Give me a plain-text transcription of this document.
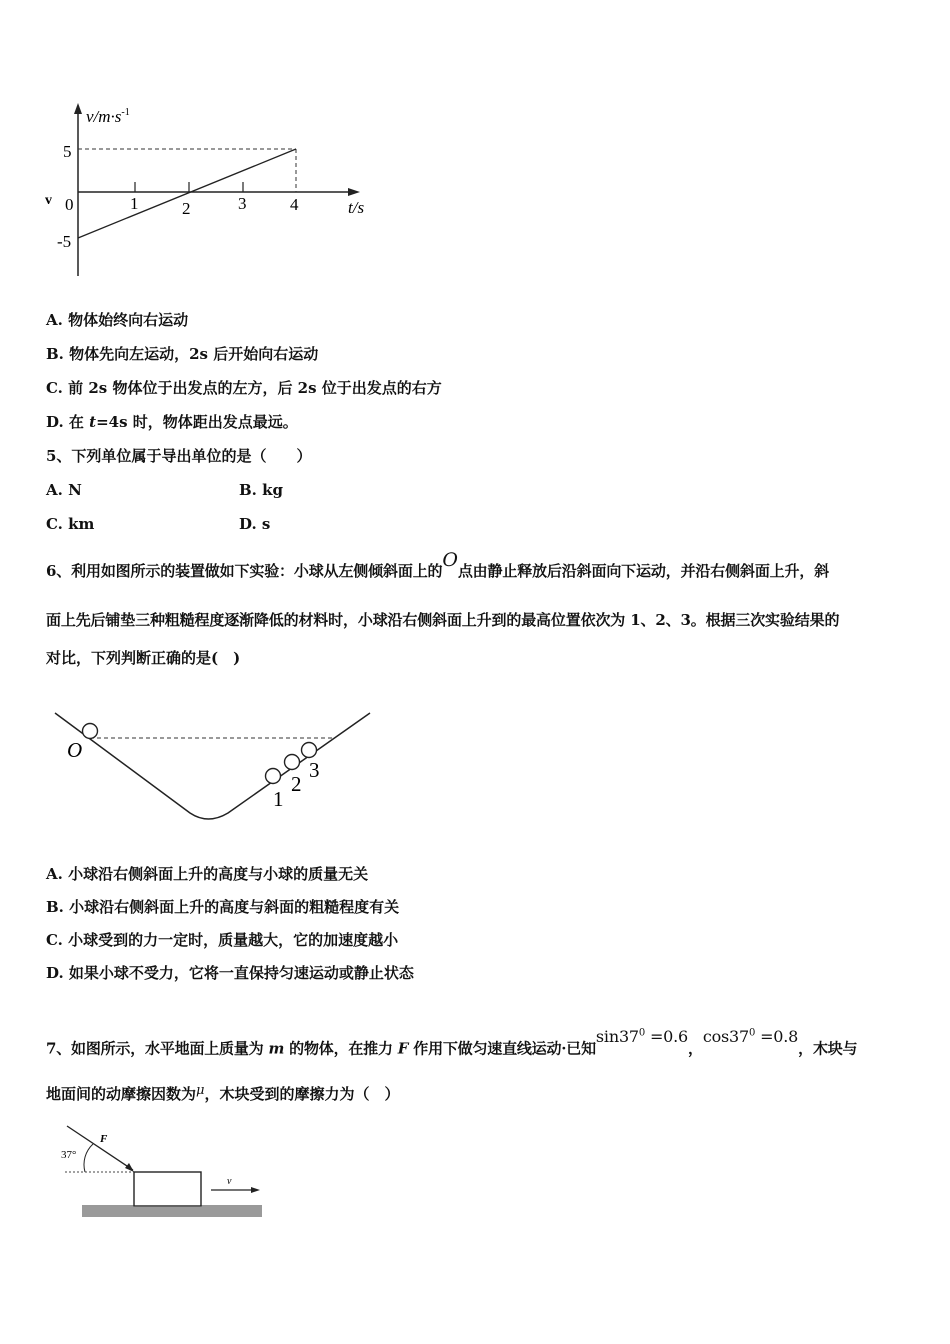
$v/m\cdot s^{-1}$
t/s
v 0	1	2	3	4
5
-5
A. 物体始终向右运动
B. 物体先向左运动，2s 后开始向右运动
C. 前 2s 物体位于出发点的左方，后 2s 位于出发点的右方
D. 在 t=4s 时，物体距出发点最远。
5、下列单位属于导出单位的是（　　）
A. N	B. kg
C. km	D. s
6、利用如图所示的装置做如下实验：小球从左侧倾斜面上的O点由静止释放后沿斜面向下运动，并沿右侧斜面上升，斜
面上先后铺垫三种粗糙程度逐渐降低的材料时，小球沿右侧斜面上升到的最高位置依次为 1、2、3。根据三次实验结果的
对比，下列判断正确的是(　)
O
1
2
3
A. 小球沿右侧斜面上升的高度与小球的质量无关
B. 小球沿右侧斜面上升的高度与斜面的粗糙程度有关
C. 小球受到的力一定时，质量越大，它的加速度越小
D. 如果小球不受力，它将一直保持匀速运动或静止状态
7、如图所示，水平地面上质量为 m 的物体，在推力 F 作用下做匀速直线运动·已知$\sin 37^0 =0.6$，$\cos 37^0 =0.8$，木块与
地面间的动摩擦因数为μ，木块受到的摩擦力为（　）
37°
F
v
